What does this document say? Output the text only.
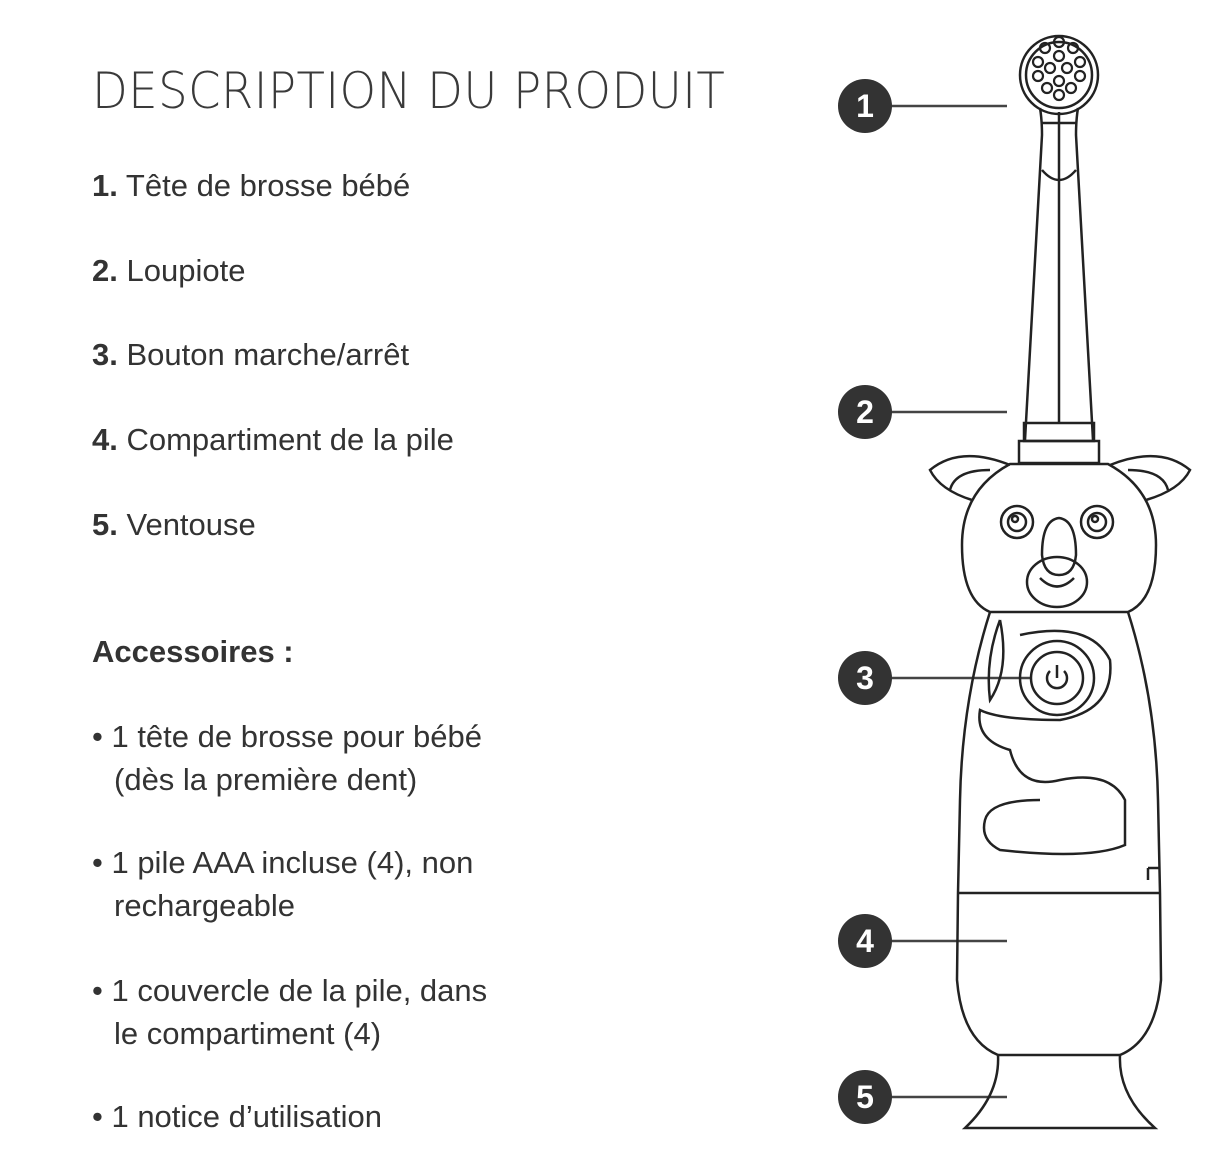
DESCRIPTION DU PRODUIT
1. Tête de brosse bébé
2. Loupiote
3. Bouton marche/arrêt
4. Compartiment de la pile
5. Ventouse
Accessoires :
• 1 tête de brosse pour bébé
(dès la première dent)
• 1 pile AAA incluse (4), non
rechargeable
• 1 couvercle de la pile, dans
le compartiment (4)
• 1 notice d’utilisation
1
2
3
4
5
